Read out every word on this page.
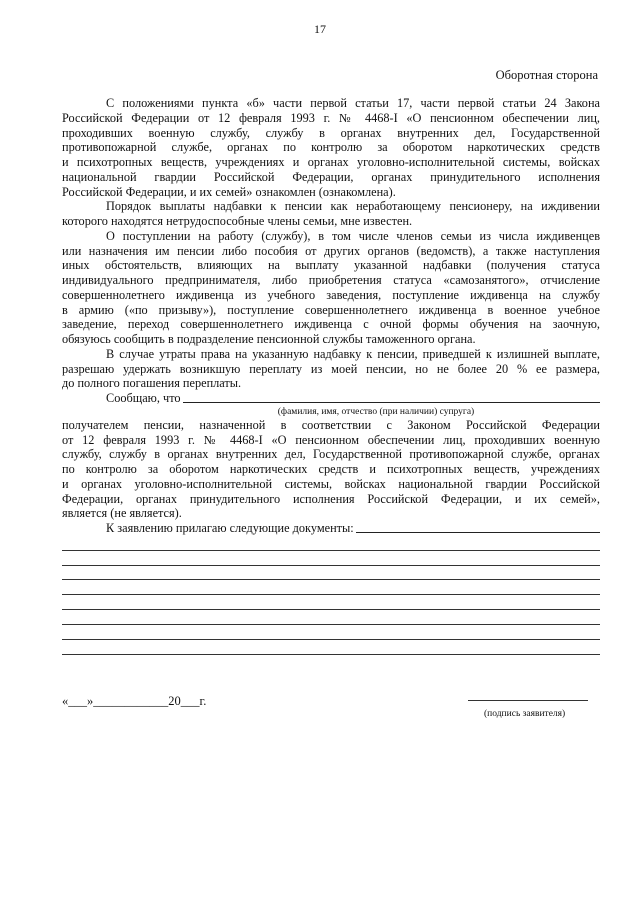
17
Оборотная сторона
С положениями пункта «б» части первой статьи 17, части первой статьи 24 Закона
Российской Федерации от 12 февраля 1993 г. № 4468-I «О пенсионном обеспечении лиц,
проходивших военную службу, службу в органах внутренних дел, Государственной
противопожарной службе, органах по контролю за оборотом наркотических средств
и психотропных веществ, учреждениях и органах уголовно-исполнительной системы, войсках
национальной гвардии Российской Федерации, органах принудительного исполнения
Российской Федерации, и их семей» ознакомлен (ознакомлена).
Порядок выплаты надбавки к пенсии как неработающему пенсионеру, на иждивении
которого находятся нетрудоспособные члены семьи, мне известен.
О поступлении на работу (службу), в том числе членов семьи из числа иждивенцев
или назначения им пенсии либо пособия от других органов (ведомств), а также наступления
иных обстоятельств, влияющих на выплату указанной надбавки (получения статуса
индивидуального предпринимателя, либо приобретения статуса «самозанятого», отчисление
совершеннолетнего иждивенца из учебного заведения, поступление иждивенца на службу
в армию («по призыву»), поступление совершеннолетнего иждивенца в военное учебное
заведение, переход совершеннолетнего иждивенца с очной формы обучения на заочную,
обязуюсь сообщить в подразделение пенсионной службы таможенного органа.
В случае утраты права на указанную надбавку к пенсии, приведшей к излишней выплате,
разрешаю удержать возникшую переплату из моей пенсии, но не более 20 % ее размера,
до полного погашения переплаты.
Сообщаю, что
(фамилия, имя, отчество (при наличии) супруга)
получателем пенсии, назначенной в соответствии с Законом Российской Федерации
от 12 февраля 1993 г. № 4468-I «О пенсионном обеспечении лиц, проходивших военную
службу, службу в органах внутренних дел, Государственной противопожарной службе, органах
по контролю за оборотом наркотических средств и психотропных веществ, учреждениях
и органах уголовно-исполнительной системы, войсках национальной гвардии Российской
Федерации, органах принудительного исполнения Российской Федерации, и их семей»,
является (не является).
К заявлению прилагаю следующие документы:
«___»____________20___г.
(подпись заявителя)
